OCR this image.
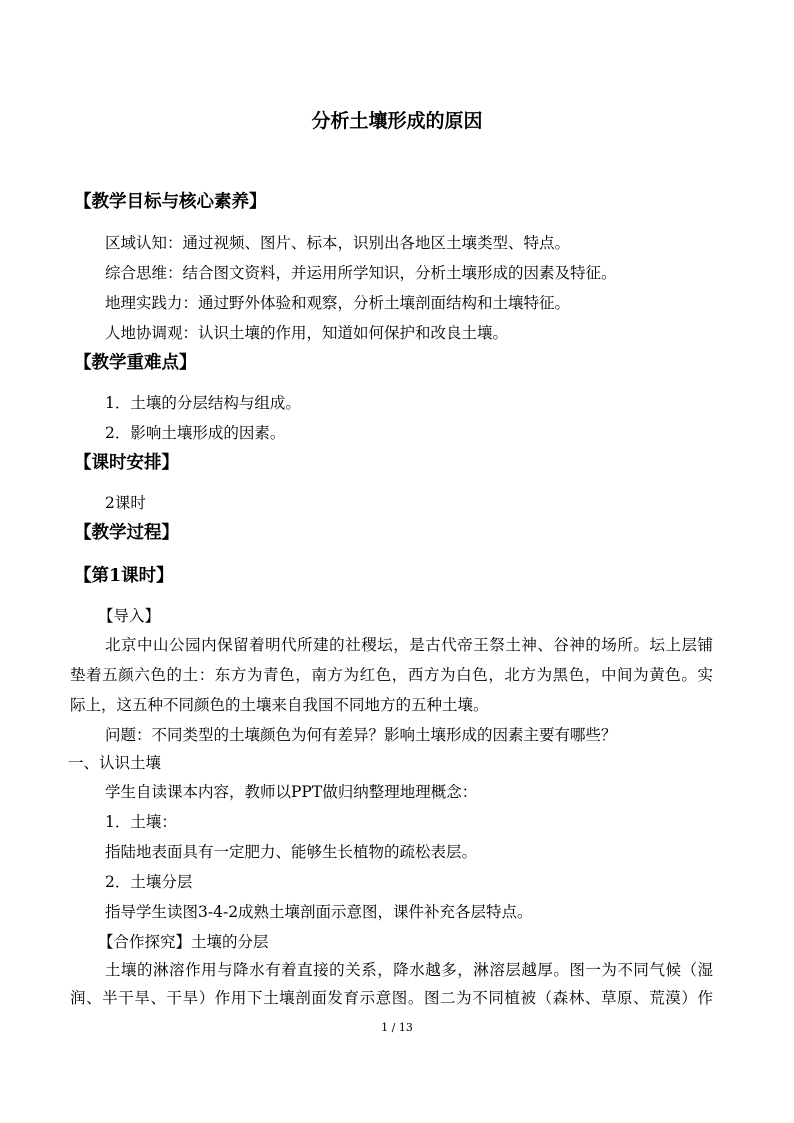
分析土壤形成的原因
【教学目标与核心素养】
区域认知：通过视频、图片、标本，识别出各地区土壤类型、特点。
综合思维：结合图文资料，并运用所学知识，分析土壤形成的因素及特征。
地理实践力：通过野外体验和观察，分析土壤剖面结构和土壤特征。
人地协调观：认识土壤的作用，知道如何保护和改良土壤。
【教学重难点】
1．土壤的分层结构与组成。
2．影响土壤形成的因素。
【课时安排】
2课时
【教学过程】
【第1课时】
【导入】
北京中山公园内保留着明代所建的社稷坛，是古代帝王祭土神、谷神的场所。坛上层铺
垫着五颜六色的土：东方为青色，南方为红色，西方为白色，北方为黑色，中间为黄色。实
际上，这五种不同颜色的土壤来自我国不同地方的五种土壤。
问题：不同类型的土壤颜色为何有差异？影响土壤形成的因素主要有哪些？
一、认识土壤
学生自读课本内容，教师以PPT做归纳整理地理概念：
1．土壤：
指陆地表面具有一定肥力、能够生长植物的疏松表层。
2．土壤分层
指导学生读图3-4-2成熟土壤剖面示意图，课件补充各层特点。
【合作探究】土壤的分层
土壤的淋溶作用与降水有着直接的关系，降水越多，淋溶层越厚。图一为不同气候（湿
润、半干旱、干旱）作用下土壤剖面发育示意图。图二为不同植被（森林、草原、荒漠）作
1 / 13
